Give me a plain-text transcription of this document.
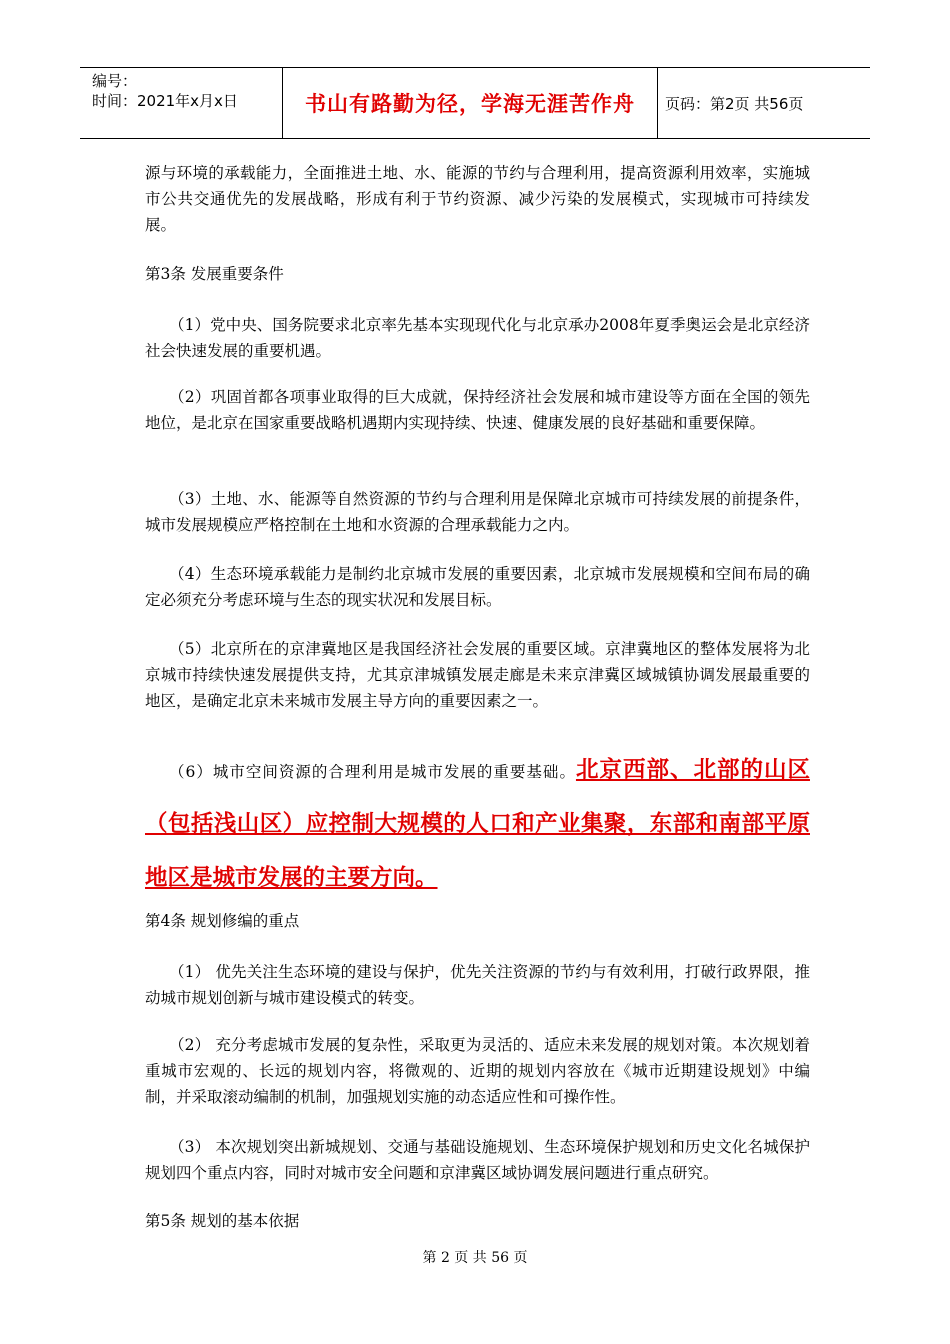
编号：
时间：2021年x月x日	书山有路勤为径，学海无涯苦作舟	页码：第2页 共56页
源与环境的承载能力，全面推进土地、水、能源的节约与合理利用，提高资源利用效率，实施城市公共交通优先的发展战略，形成有利于节约资源、减少污染的发展模式，实现城市可持续发展。
第3条 发展重要条件
（1）党中央、国务院要求北京率先基本实现现代化与北京承办2008年夏季奥运会是北京经济社会快速发展的重要机遇。
（2）巩固首都各项事业取得的巨大成就，保持经济社会发展和城市建设等方面在全国的领先地位，是北京在国家重要战略机遇期内实现持续、快速、健康发展的良好基础和重要保障。
（3）土地、水、能源等自然资源的节约与合理利用是保障北京城市可持续发展的前提条件，城市发展规模应严格控制在土地和水资源的合理承载能力之内。
（4）生态环境承载能力是制约北京城市发展的重要因素，北京城市发展规模和空间布局的确定必须充分考虑环境与生态的现实状况和发展目标。
（5）北京所在的京津冀地区是我国经济社会发展的重要区域。京津冀地区的整体发展将为北京城市持续快速发展提供支持，尤其京津城镇发展走廊是未来京津冀区域城镇协调发展最重要的地区，是确定北京未来城市发展主导方向的重要因素之一。
（6）城市空间资源的合理利用是城市发展的重要基础。北京西部、北部的山区（包括浅山区）应控制大规模的人口和产业集聚，东部和南部平原地区是城市发展的主要方向。
第4条 规划修编的重点
（1） 优先关注生态环境的建设与保护，优先关注资源的节约与有效利用，打破行政界限，推动城市规划创新与城市建设模式的转变。
（2） 充分考虑城市发展的复杂性，采取更为灵活的、适应未来发展的规划对策。本次规划着重城市宏观的、长远的规划内容，将微观的、近期的规划内容放在《城市近期建设规划》中编制，并采取滚动编制的机制，加强规划实施的动态适应性和可操作性。
（3） 本次规划突出新城规划、交通与基础设施规划、生态环境保护规划和历史文化名城保护规划四个重点内容，同时对城市安全问题和京津冀区域协调发展问题进行重点研究。
第5条 规划的基本依据
第 2 页 共 56 页
